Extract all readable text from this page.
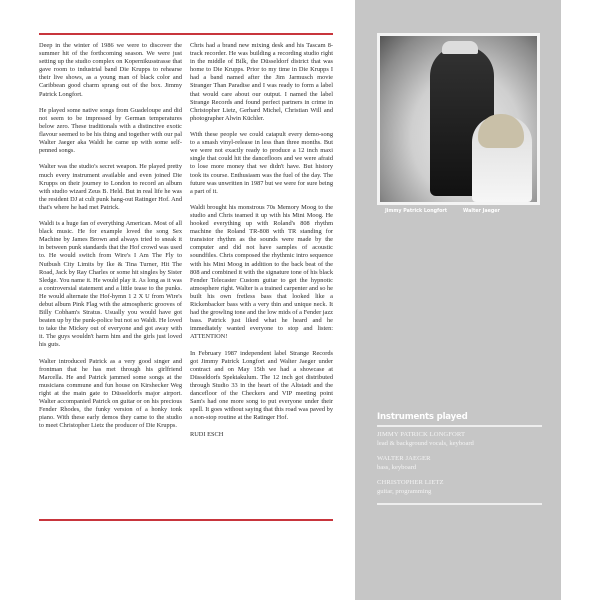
Deep in the winter of 1986 we were to discover the summer hit of the forthcoming season. We were just setting up the studio complex on Kopernikusstrasse that gave room to industrial band Die Krupps to rehearse their live shows, as a young man of black color and Caribbean good charm sprang out of the box. Jimmy Patrick Longfort.

He played some native songs from Guadeloupe and did not seem to be impressed by German temperatures below zero. These traditionals with a distinctive exotic flavour seemed to be his thing and together with our pal Walter Jaeger aka Waldi he came up with some self-penned songs.

Walter was the studio's secret weapon. He played pretty much every instrument available and even joined Die Krupps on their journey to London to record an album with studio wizard Zeus B. Held. But in real life he was the resident DJ at cult punk hang-out Ratinger Hof. And that's where he had met Patrick.

Waldi is a huge fan of everything American. Most of all black music. He for example loved the song Sex Machine by James Brown and always tried to sneak it in between punk standards that the Hof crowd was used to. He would switch from Wire's I Am The Fly to Nutbush City Limits by Ike & Tina Turner, Hit The Road, Jack by Ray Charles or some hit singles by Sister Sledge. You name it. He would play it. As long as it was a controversial statement and a little tease to the punks. He would alternate the Hof-hymn 1 2 X U from Wire's debut album Pink Flag with the atmospheric grooves of Billy Cobham's Stratus. Usually you would have got beaten up by the punk-police but not so Waldi. He loved to take the Mickey out of everyone and got away with it. The guys wouldn't harm him and the girls just loved his guts.

Walter introduced Patrick as a very good singer and frontman that he has met through his girlfriend Marcella. He and Patrick jammed some songs at the musicians commune and fun house on Kirshecker Weg right at the main gate to Düsseldorfs major airport. Walter accompanied Patrick on guitar or on his precious Fender Rhodes, the funky version of a honky tonk piano. With these early demos they came to the studio to meet Christopher Lietz the producer of Die Krupps.

Chris had a brand new mixing desk and his Tascam 8-track recorder. He was building a recording studio right in the middle of Bilk, the Düsseldorf district that was home to Die Krupps. Prior to my time in Die Krupps I had a band named after the Jim Jarmusch movie Stranger Than Paradise and I was ready to form a label that would care about our output. I named the label Strange Records and found perfect partners in crime in Christopher Lietz, Gerhard Michel, Christian Will and photographer Alwin Küchler.

With these people we could catapult every demo-song to a smash vinyl-release in less than three months. But we were not exactly ready to produce a 12 inch maxi single that could hit the dancefloors and we were afraid to lose more money that we didn't have. But history took its course. Enthusiasm was the fuel of the day. The future was unwritten in 1987 but we were for sure being a part of it.

Waldi brought his monstrous 70s Memory Moog to the studio and Chris teamed it up with his Mini Moog. He hooked everything up with Roland's 808 rhythm machine the Roland TR-808 with TR standing for transistor rhythm as the sounds were made by the computer and did not have samples of acoustic soundfiles. Chris composed the rhythmic intro sequence with his Mini Moog in addition to the back beat of the 808 and combined it with the signature tone of his black Fender Telecaster Custom guitar to get the hypnotic atmosphere right. Walter is a trained carpenter and so he built his own fretless bass that looked like a Rickenbacker bass with a very thin and unique neck. It had the growling tone and the low mids of a Fender jazz bass. Patrick just liked what he heard and he immediately wanted everyone to stop and listen: ATTENTION!

In February 1987 independent label Strange Records got Jimmy Patrick Longfort and Walter Jaeger under contract and on May 15th we had a showcase at Düsseldorfs Spektakulum. The 12 inch got distributed through Studio 33 in the heart of the Altstadt and the dancefloor of the Checkers and VIP meeting point Sam's had one more song to put everyone under their spell. It goes without saying that this road was paved by a non-stop routine at the Ratinger Hof.

RUDI ESCH

Jimmy Patrick Longfort	Walter Jaeger
Instruments played
JIMMY PATRICK LONGFORT
lead & background vocals, keyboard
WALTER JAEGER
bass, keyboard
CHRISTOPHER LIETZ
guitar, programming
